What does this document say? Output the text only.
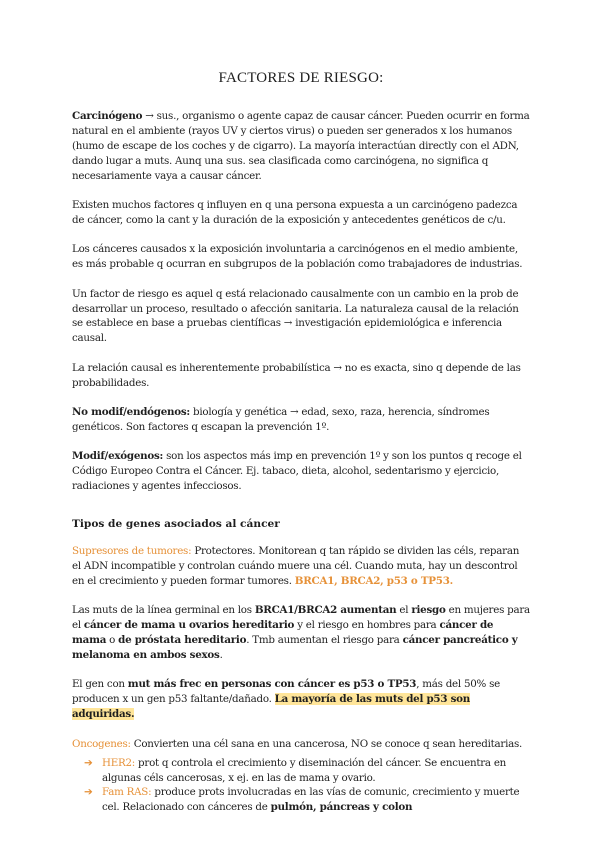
FACTORES DE RIESGO:

Carcinógeno → sus., organismo o agente capaz de causar cáncer. Pueden ocurrir en forma natural en el ambiente (rayos UV y ciertos virus) o pueden ser generados x los humanos (humo de escape de los coches y de cigarro). La mayoría interactúan directly con el ADN, dando lugar a muts. Aunq una sus. sea clasificada como carcinógena, no significa q necesariamente vaya a causar cáncer.

Existen muchos factores q influyen en q una persona expuesta a un carcinógeno padezca de cáncer, como la cant y la duración de la exposición y antecedentes genéticos de c/u.

Los cánceres causados x la exposición involuntaria a carcinógenos en el medio ambiente, es más probable q ocurran en subgrupos de la población como trabajadores de industrias.

Un factor de riesgo es aquel q está relacionado causalmente con un cambio en la prob de desarrollar un proceso, resultado o afección sanitaria. La naturaleza causal de la relación se establece en base a pruebas científicas → investigación epidemiológica e inferencia causal.

La relación causal es inherentemente probabilística → no es exacta, sino q depende de las probabilidades.

No modif/endógenos: biología y genética → edad, sexo, raza, herencia, síndromes genéticos. Son factores q escapan la prevención 1º.

Modif/exógenos: son los aspectos más imp en prevención 1º y son los puntos q recoge el Código Europeo Contra el Cáncer. Ej. tabaco, dieta, alcohol, sedentarismo y ejercicio, radiaciones y agentes infecciosos.

Tipos de genes asociados al cáncer

Supresores de tumores: Protectores. Monitorean q tan rápido se dividen las céls, reparan el ADN incompatible y controlan cuándo muere una cél. Cuando muta, hay un descontrol en el crecimiento y pueden formar tumores. BRCA1, BRCA2, p53 o TP53.

Las muts de la línea germinal en los BRCA1/BRCA2 aumentan el riesgo en mujeres para el cáncer de mama u ovarios hereditario y el riesgo en hombres para cáncer de mama o de próstata hereditario. Tmb aumentan el riesgo para cáncer pancreático y melanoma en ambos sexos.

El gen con mut más frec en personas con cáncer es p53 o TP53, más del 50% se producen x un gen p53 faltante/dañado. La mayoría de las muts del p53 son adquiridas.

Oncogenes: Convierten una cél sana en una cancerosa, NO se conoce q sean hereditarias.

➔ HER2: prot q controla el crecimiento y diseminación del cáncer. Se encuentra en algunas céls cancerosas, x ej. en las de mama y ovario.
➔ Fam RAS: produce prots involucradas en las vías de comunic, crecimiento y muerte cel. Relacionado con cánceres de pulmón, páncreas y colon
